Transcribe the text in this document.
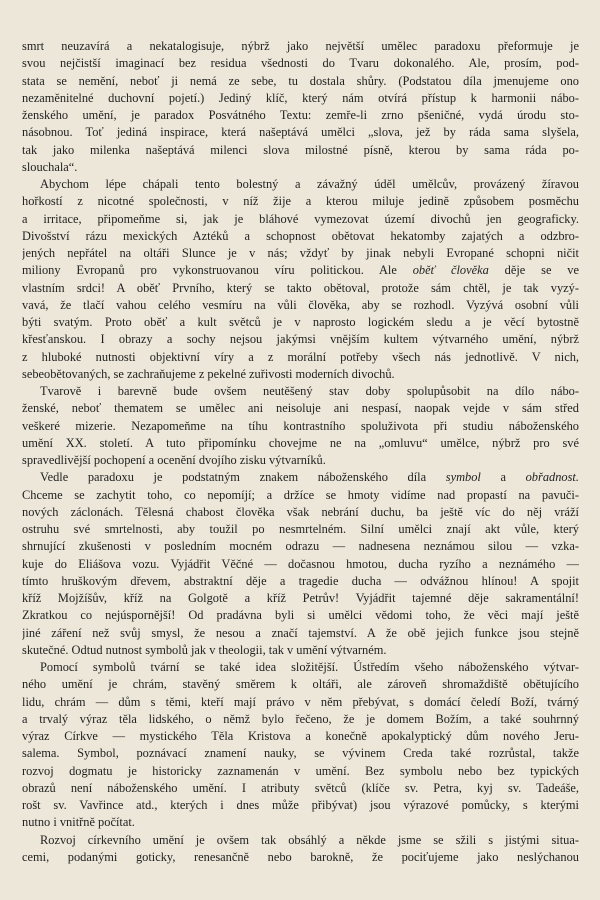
smrt neuzavírá a nekatalogisuje, nýbrž jako největší umělec paradoxu přeformuje je
svou nejčistší imaginací bez residua všednosti do Tvaru dokonalého. Ale, prosím, pod-
stata se nemění, neboť ji nemá ze sebe, tu dostala shůry. (Podstatou díla jmenujeme ono
nezaměnitelné duchovní pojetí.) Jediný klíč, který nám otvírá přístup k harmonii nábo-
ženského umění, je paradox Posvátného Textu: zemře-li zrno pšeničné, vydá úrodu sto-
násobnou. Toť jediná inspirace, která našeptává umělci „slova, jež by ráda sama slyšela,
tak jako milenka našeptává milenci slova milostné písně, kterou by sama ráda po-
slouchala“.
Abychom lépe chápali tento bolestný a závažný úděl umělcův, provázený žíravou
hořkostí z nicotné společnosti, v níž žije a kterou miluje jedině způsobem posměchu
a irritace, připomeňme si, jak je bláhové vymezovat území divochů jen geograficky.
Divošství rázu mexických Aztéků a schopnost obětovat hekatomby zajatých a odzbro-
jených nepřátel na oltáři Slunce je v nás; vždyť by jinak nebyli Evropané schopni ničit
miliony Evropanů pro vykonstruovanou víru politickou. Ale oběť člověka děje se ve
vlastním srdci! A oběť Prvního, který se takto obětoval, protože sám chtěl, je tak vyzý-
vavá, že tlačí vahou celého vesmíru na vůli člověka, aby se rozhodl. Vyzývá osobní vůli
býti svatým. Proto oběť a kult světců je v naprosto logickém sledu a je věcí bytostně
křesťanskou. I obrazy a sochy nejsou jakýmsi vnějším kultem výtvarného umění, nýbrž
z hluboké nutnosti objektivní víry a z morální potřeby všech nás jednotlivě. V nich,
sebeobětovaných, se zachraňujeme z pekelné zuřivosti moderních divochů.
Tvarově i barevně bude ovšem neutěšený stav doby spolupůsobit na dílo nábo-
ženské, neboť thematem se umělec ani neisoluje ani nespasí, naopak vejde v sám střed
veškeré mizerie. Nezapomeňme na tíhu kontrastního spoluživota při studiu náboženského
umění XX. století. A tuto připomínku chovejme ne na „omluvu“ umělce, nýbrž pro své
spravedlivější pochopení a ocenění dvojího zisku výtvarníků.
Vedle paradoxu je podstatným znakem náboženského díla symbol a obřadnost.
Chceme se zachytit toho, co nepomíjí; a držíce se hmoty vidíme nad propastí na pavuči-
nových záclonách. Tělesná chabost člověka však nebrání duchu, ba ještě víc do něj vráží
ostruhu své smrtelnosti, aby toužil po nesmrtelném. Silní umělci znají akt vůle, který
shrnující zkušenosti v posledním mocném odrazu — nadnesena neznámou silou — vzka-
kuje do Eliášova vozu. Vyjádřit Věčné — dočasnou hmotou, ducha ryzího a neznámého —
tímto hruškovým dřevem, abstraktní děje a tragedie ducha — odvážnou hlínou! A spojit
kříž Mojžíšův, kříž na Golgotě a kříž Petrův! Vyjádřit tajemné děje sakramentální!
Zkratkou co nejúspornější! Od pradávna byli si umělci vědomi toho, že věci mají ještě
jiné záření než svůj smysl, že nesou a značí tajemství. A že obě jejich funkce jsou stejně
skutečné. Odtud nutnost symbolů jak v theologii, tak v umění výtvarném.
Pomocí symbolů tvární se také idea složitější. Ústředím všeho náboženského výtvar-
ného umění je chrám, stavěný směrem k oltáři, ale zároveň shromaždiště obětujícího
lidu, chrám — dům s těmi, kteří mají právo v něm přebývat, s domácí čeledí Boží, tvárný
a trvalý výraz těla lidského, o němž bylo řečeno, že je domem Božím, a také souhrnný
výraz Církve — mystického Těla Kristova a konečně apokalyptický dům nového Jeru-
salema. Symbol, poznávací znamení nauky, se vývinem Creda také rozrůstal, takže
rozvoj dogmatu je historicky zaznamenán v umění. Bez symbolu nebo bez typických
obrazů není náboženského umění. I atributy světců (klíče sv. Petra, kyj sv. Tadeáše,
rošt sv. Vavřince atd., kterých i dnes může přibývat) jsou výrazové pomůcky, s kterými
nutno i vnitřně počítat.
Rozvoj církevního umění je ovšem tak obsáhlý a někde jsme se sžili s jistými situa-
cemi, podanými goticky, renesančně nebo barokně, že pociťujeme jako neslýchanou
